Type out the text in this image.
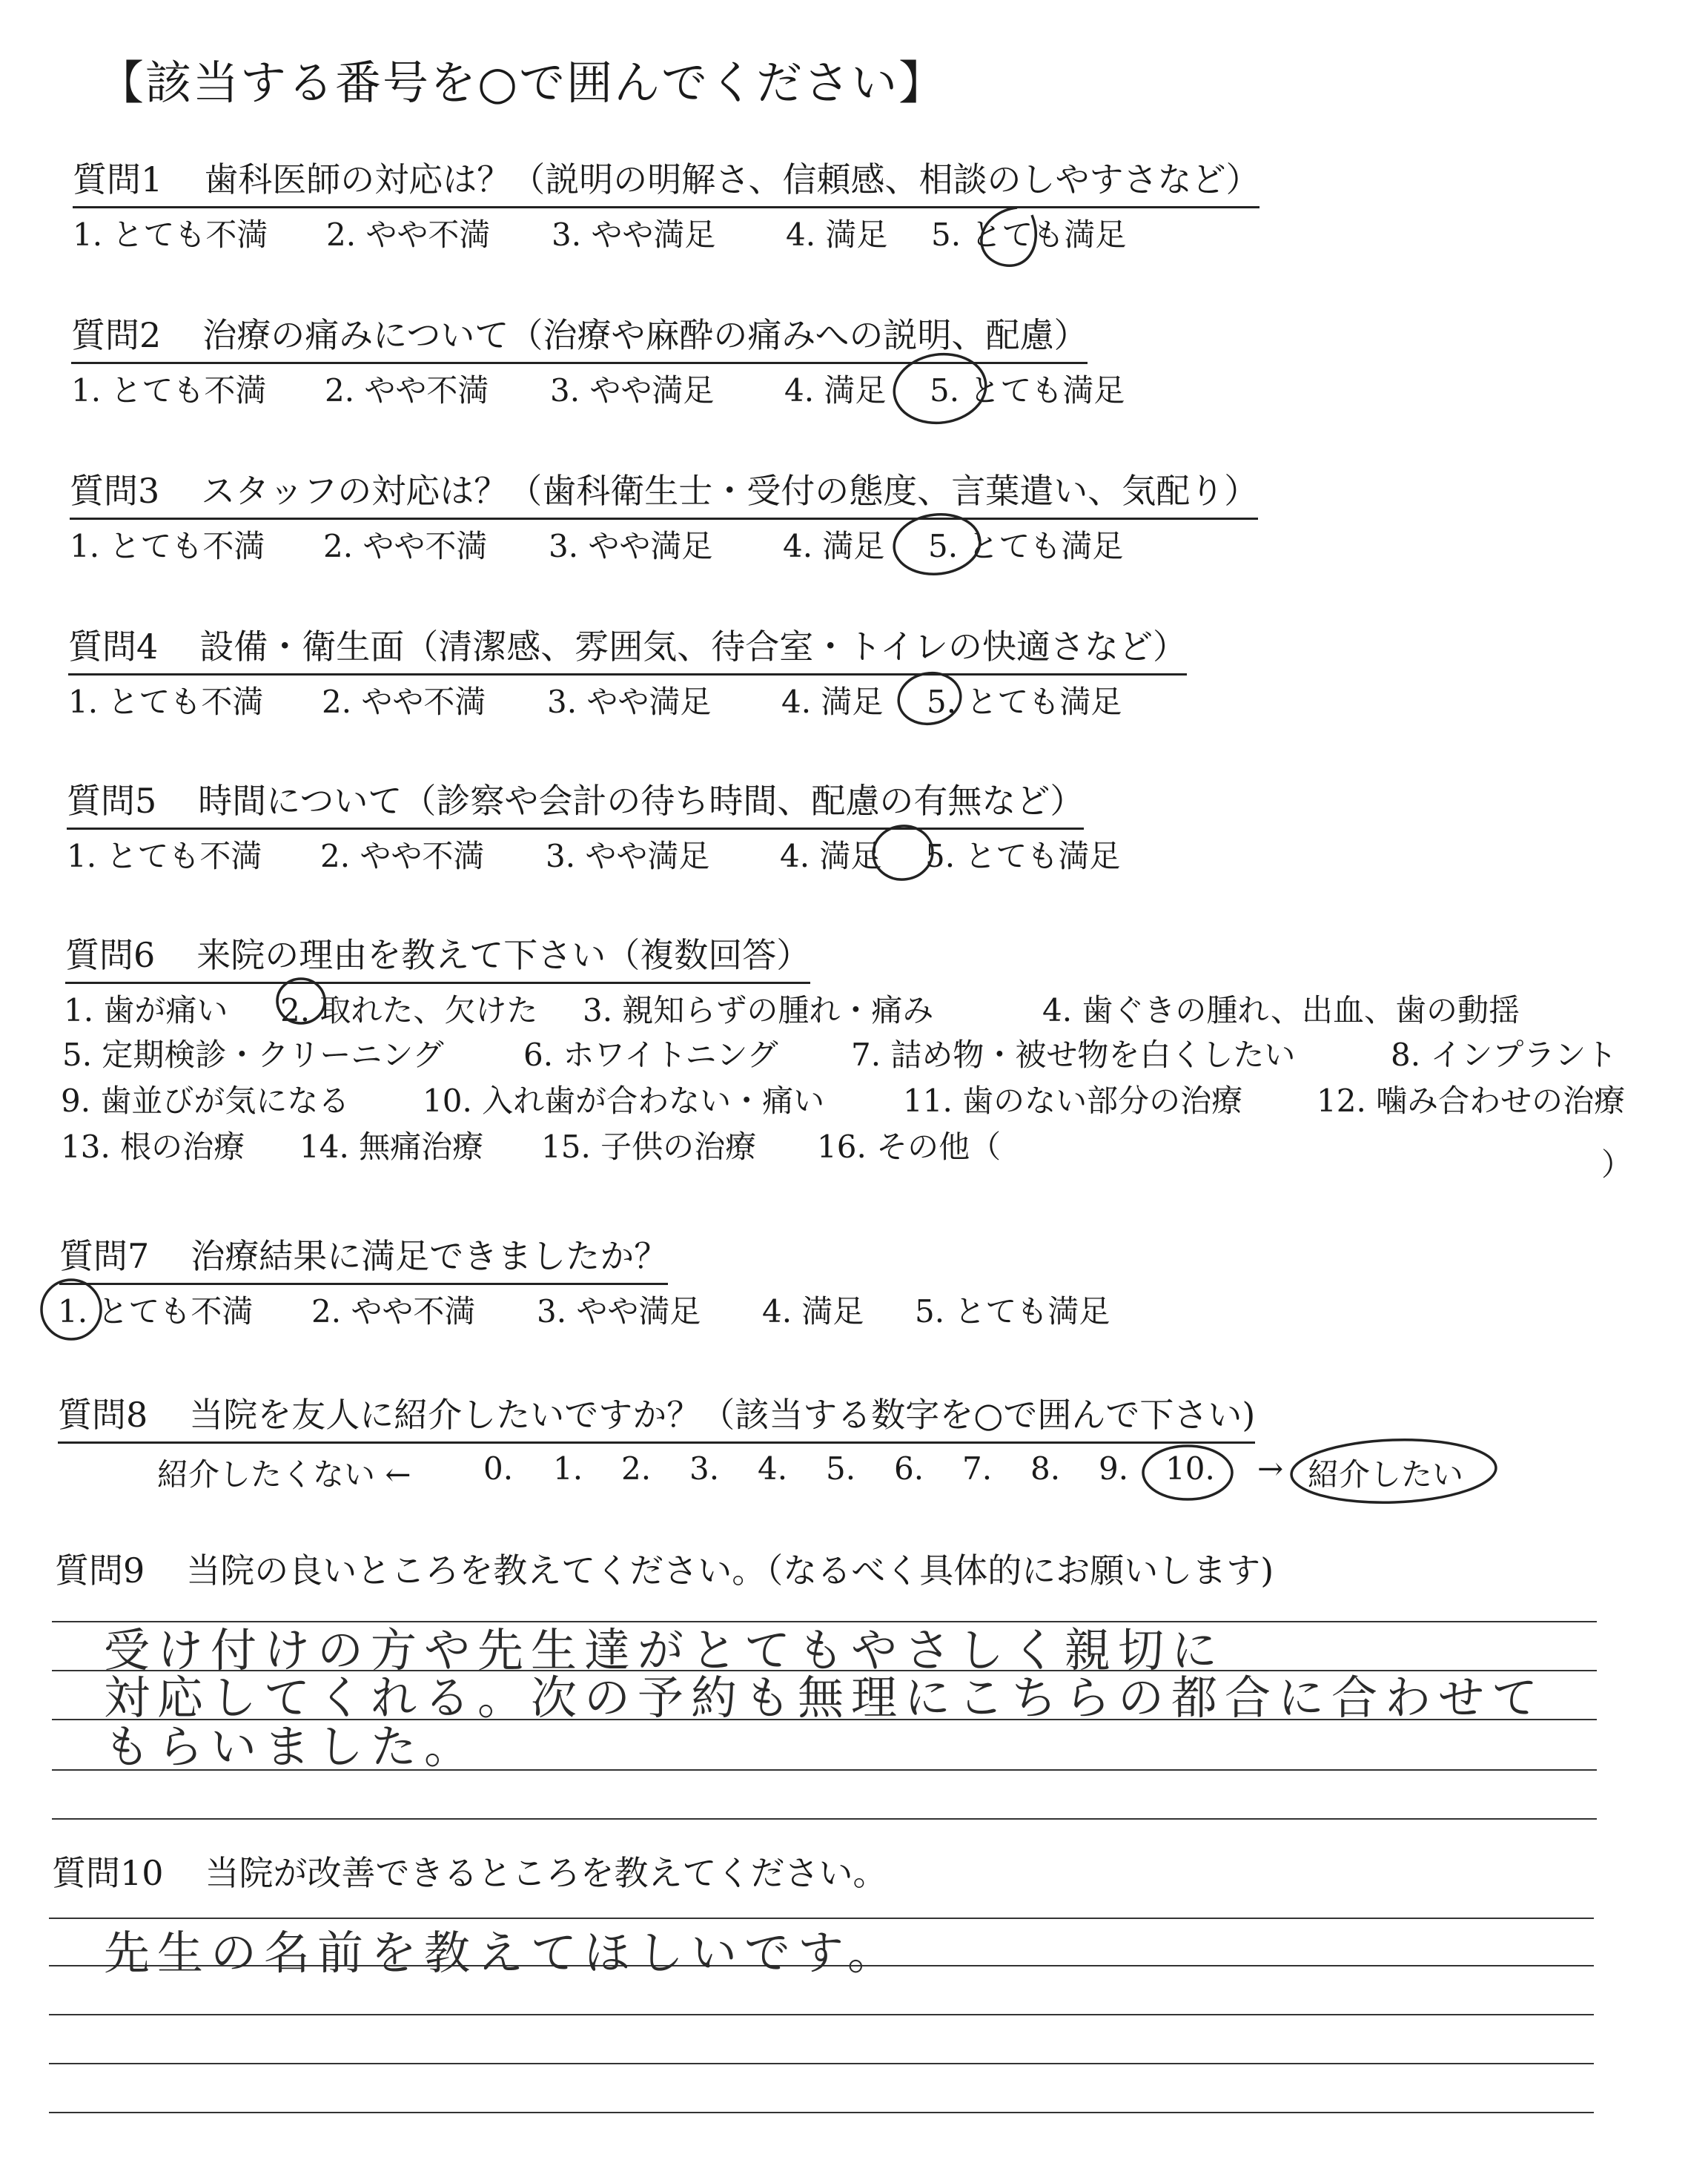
【該当する番号を○で囲んでください】
質問1 歯科医師の対応は？（説明の明解さ、信頼感、相談のしやすさなど）
1. とても不満 2. やや不満 3. やや満足 4. 満足 5. とても満足
質問2 治療の痛みについて（治療や麻酔の痛みへの説明、配慮）
1. とても不満 2. やや不満 3. やや満足 4. 満足 5. とても満足
質問3 スタッフの対応は？（歯科衛生士・受付の態度、言葉遣い、気配り）
1. とても不満 2. やや不満 3. やや満足 4. 満足 5. とても満足
質問4 設備・衛生面（清潔感、雰囲気、待合室・トイレの快適さなど）
1. とても不満 2. やや不満 3. やや満足 4. 満足 5. とても満足
質問5 時間について（診察や会計の待ち時間、配慮の有無など）
1. とても不満 2. やや不満 3. やや満足 4. 満足 5. とても満足
質問6 来院の理由を教えて下さい（複数回答）
1. 歯が痛い 2. 取れた、欠けた 3. 親知らずの腫れ・痛み	4. 歯ぐきの腫れ、出血、歯の動揺
5. 定期検診・クリーニング	6. ホワイトニング 7. 詰め物・被せ物を白くしたい	8. インプラント
9. 歯並びが気になる 10. 入れ歯が合わない・痛い	11. 歯のない部分の治療 12. 噛み合わせの治療
13. 根の治療 14. 無痛治療 15. 子供の治療 16. その他（	）
質問7 治療結果に満足できましたか？
1. とても不満 2. やや不満 3. やや満足 4. 満足 5. とても満足
質問8 当院を友人に紹介したいですか？（該当する数字を○で囲んで下さい)
紹介したくない ← 0. 1. 2. 3. 4. 5. 6. 7. 8. 9. 10. → 紹介したい
質問9 当院の良いところを教えてください。（なるべく具体的にお願いします)
受け付けの方や先生達がとてもやさしく親切に
対応してくれる。次の予約も無理にこちらの都合に合わせて
もらいました。
質問10 当院が改善できるところを教えてください。
先生の名前を教えてほしいです。
